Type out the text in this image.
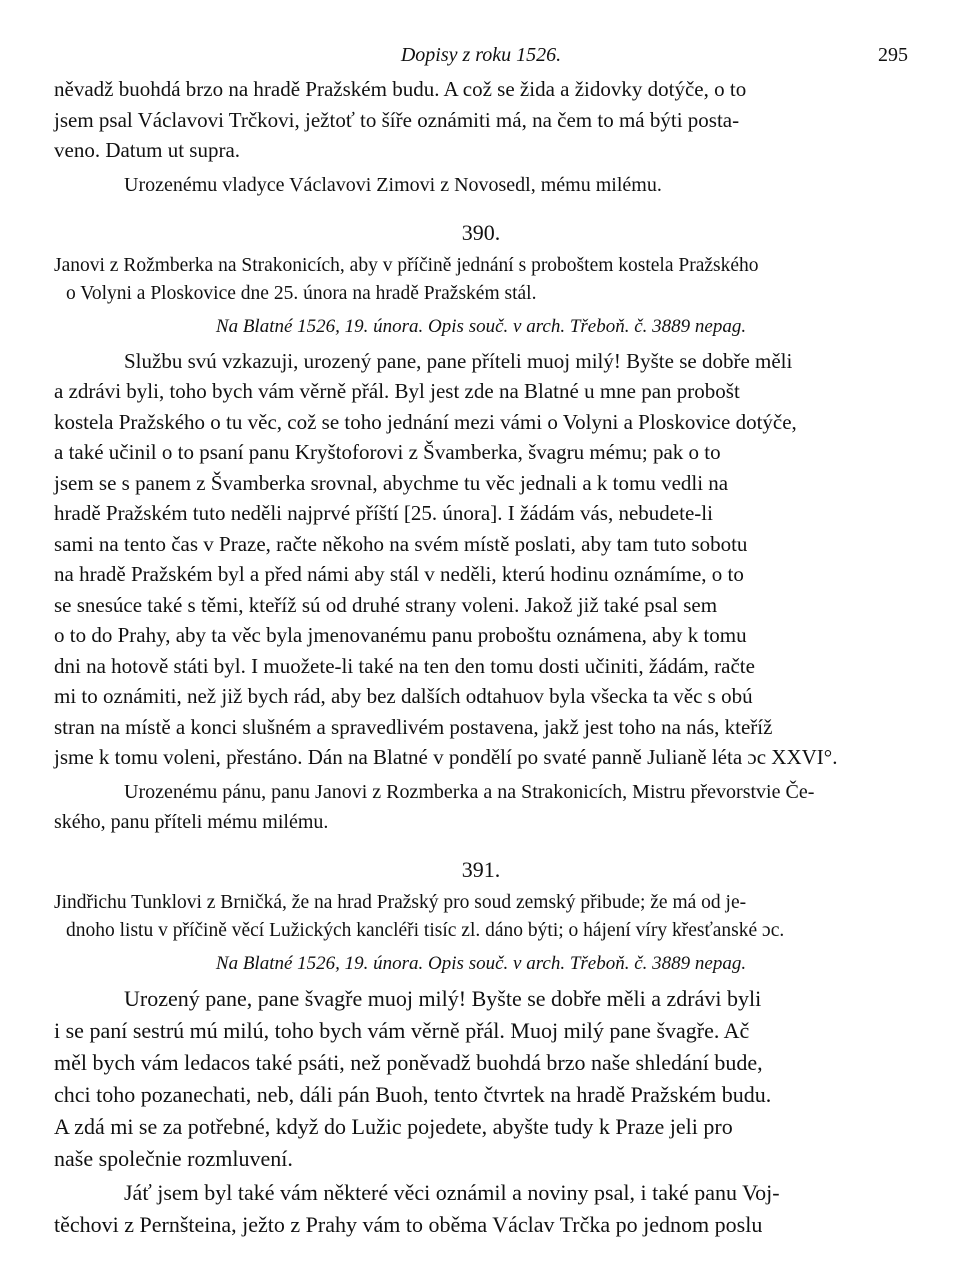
Dopisy z roku 1526.	295

něvadž buohdá brzo na hradě Pražském budu. A což se žida a židovky dotýče, o to
jsem psal Václavovi Trčkovi, ježtoť to šíře oznámiti má, na čem to má býti posta-
veno. Datum ut supra.

Urozenému vladyce Václavovi Zimovi z Novosedl, mému milému.

390.

Janovi z Rožmberka na Strakonicích, aby v příčině jednání s proboštem kostela Pražského
o Volyni a Ploskovice dne 25. února na hradě Pražském stál.

Na Blatné 1526, 19. února. Opis souč. v arch. Třeboň. č. 3889 nepag.

Službu svú vzkazuji, urozený pane, pane příteli muoj milý! Byšte se dobře měli
a zdrávi byli, toho bych vám věrně přál. Byl jest zde na Blatné u mne pan probošt
kostela Pražského o tu věc, což se toho jednání mezi vámi o Volyni a Ploskovice dotýče,
a také učinil o to psaní panu Kryštoforovi z Švamberka, švagru mému; pak o to
jsem se s panem z Švamberka srovnal, abychme tu věc jednali a k tomu vedli na
hradě Pražském tuto neděli najprvé příští [25. února]. I žádám vás, nebudete-li
sami na tento čas v Praze, račte někoho na svém místě poslati, aby tam tuto sobotu
na hradě Pražském byl a před námi aby stál v neděli, kterú hodinu oznámíme, o to
se snesúce také s těmi, kteříž sú od druhé strany voleni. Jakož již také psal sem
o to do Prahy, aby ta věc byla jmenovanému panu proboštu oznámena, aby k tomu
dni na hotově státi byl. I muožete-li také na ten den tomu dosti učiniti, žádám, račte
mi to oznámiti, než již bych rád, aby bez dalších odtahuov byla všecka ta věc s obú
stran na místě a konci slušném a spravedlivém postavena, jakž jest toho na nás, kteříž
jsme k tomu voleni, přestáno. Dán na Blatné v pondělí po svaté panně Julianě léta ɔc XXVI°.

Urozenému pánu, panu Janovi z Rozmberka a na Strakonicích, Mistru převorstvie Če-
ského, panu příteli mému milému.

391.

Jindřichu Tunklovi z Brničká, že na hrad Pražský pro soud zemský přibude; že má od je-
dnoho listu v příčině věcí Lužických kancléři tisíc zl. dáno býti; o hájení víry křesťanské ɔc.

Na Blatné 1526, 19. února. Opis souč. v arch. Třeboň. č. 3889 nepag.

Urozený pane, pane švagře muoj milý! Byšte se dobře měli a zdrávi byli
i se paní sestrú mú milú, toho bych vám věrně přál. Muoj milý pane švagře. Ač
měl bych vám ledacos také psáti, než poněvadž buohdá brzo naše shledání bude,
chci toho pozanechati, neb, dáli pán Buoh, tento čtvrtek na hradě Pražském budu.
A zdá mi se za potřebné, když do Lužic pojedete, abyšte tudy k Praze jeli pro
naše společnie rozmluvení.

Jáť jsem byl také vám některé věci oznámil a noviny psal, i také panu Voj-
těchovi z Pernšteina, ježto z Prahy vám to oběma Václav Trčka po jednom poslu
